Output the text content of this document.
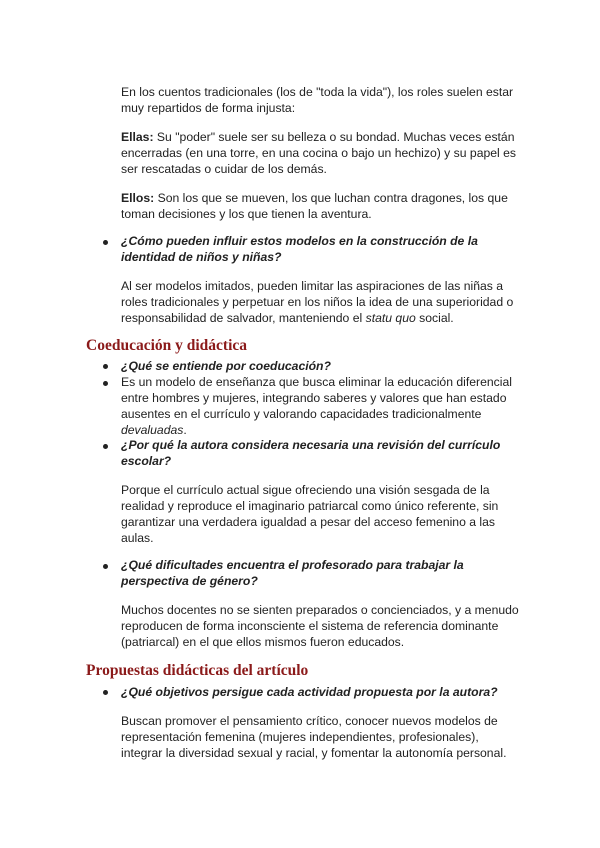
En los cuentos tradicionales (los de "toda la vida"), los roles suelen estar muy repartidos de forma injusta:

Ellas: Su "poder" suele ser su belleza o su bondad. Muchas veces están encerradas (en una torre, en una cocina o bajo un hechizo) y su papel es ser rescatadas o cuidar de los demás.

Ellos: Son los que se mueven, los que luchan contra dragones, los que toman decisiones y los que tienen la aventura.

¿Cómo pueden influir estos modelos en la construcción de la identidad de niños y niñas?

Al ser modelos imitados, pueden limitar las aspiraciones de las niñas a roles tradicionales y perpetuar en los niños la idea de una superioridad o responsabilidad de salvador, manteniendo el statu quo social.

Coeducación y didáctica

¿Qué se entiende por coeducación?

Es un modelo de enseñanza que busca eliminar la educación diferencial entre hombres y mujeres, integrando saberes y valores que han estado ausentes en el currículo y valorando capacidades tradicionalmente devaluadas.

¿Por qué la autora considera necesaria una revisión del currículo escolar?

Porque el currículo actual sigue ofreciendo una visión sesgada de la realidad y reproduce el imaginario patriarcal como único referente, sin garantizar una verdadera igualdad a pesar del acceso femenino a las aulas.

¿Qué dificultades encuentra el profesorado para trabajar la perspectiva de género?

Muchos docentes no se sienten preparados o concienciados, y a menudo reproducen de forma inconsciente el sistema de referencia dominante (patriarcal) en el que ellos mismos fueron educados.

Propuestas didácticas del artículo

¿Qué objetivos persigue cada actividad propuesta por la autora?

Buscan promover el pensamiento crítico, conocer nuevos modelos de representación femenina (mujeres independientes, profesionales), integrar la diversidad sexual y racial, y fomentar la autonomía personal.
